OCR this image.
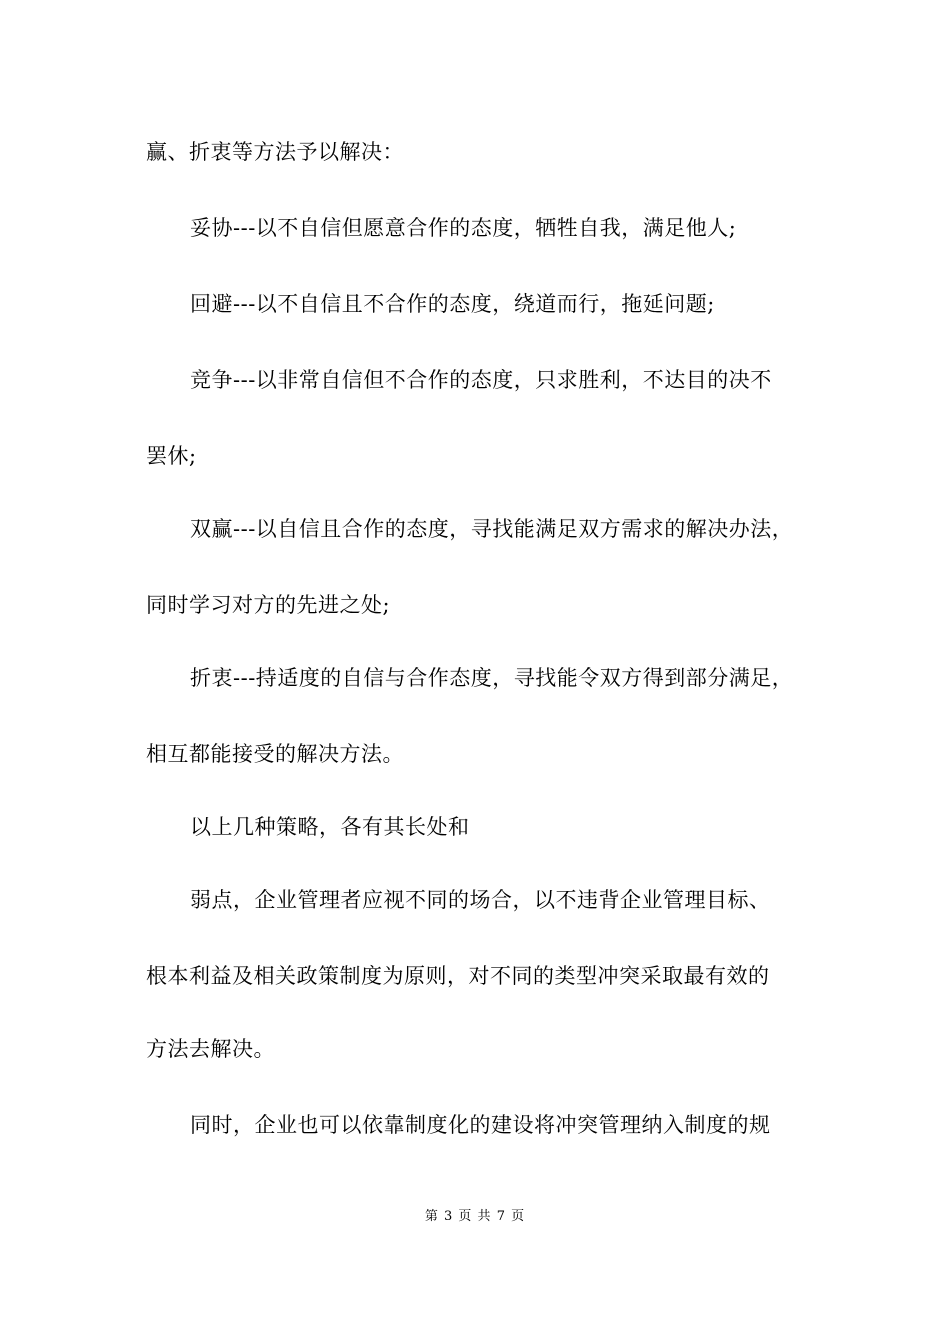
赢、折衷等方法予以解决：
妥协---以不自信但愿意合作的态度，牺牲自我，满足他人;
回避---以不自信且不合作的态度，绕道而行，拖延问题;
竞争---以非常自信但不合作的态度，只求胜利，不达目的决不
罢休;
双赢---以自信且合作的态度，寻找能满足双方需求的解决办法，
同时学习对方的先进之处;
折衷---持适度的自信与合作态度，寻找能令双方得到部分满足，
相互都能接受的解决方法。
以上几种策略，各有其长处和
弱点，企业管理者应视不同的场合，以不违背企业管理目标、
根本利益及相关政策制度为原则，对不同的类型冲突采取最有效的
方法去解决。
同时，企业也可以依靠制度化的建设将冲突管理纳入制度的规
第 3 页 共 7 页
